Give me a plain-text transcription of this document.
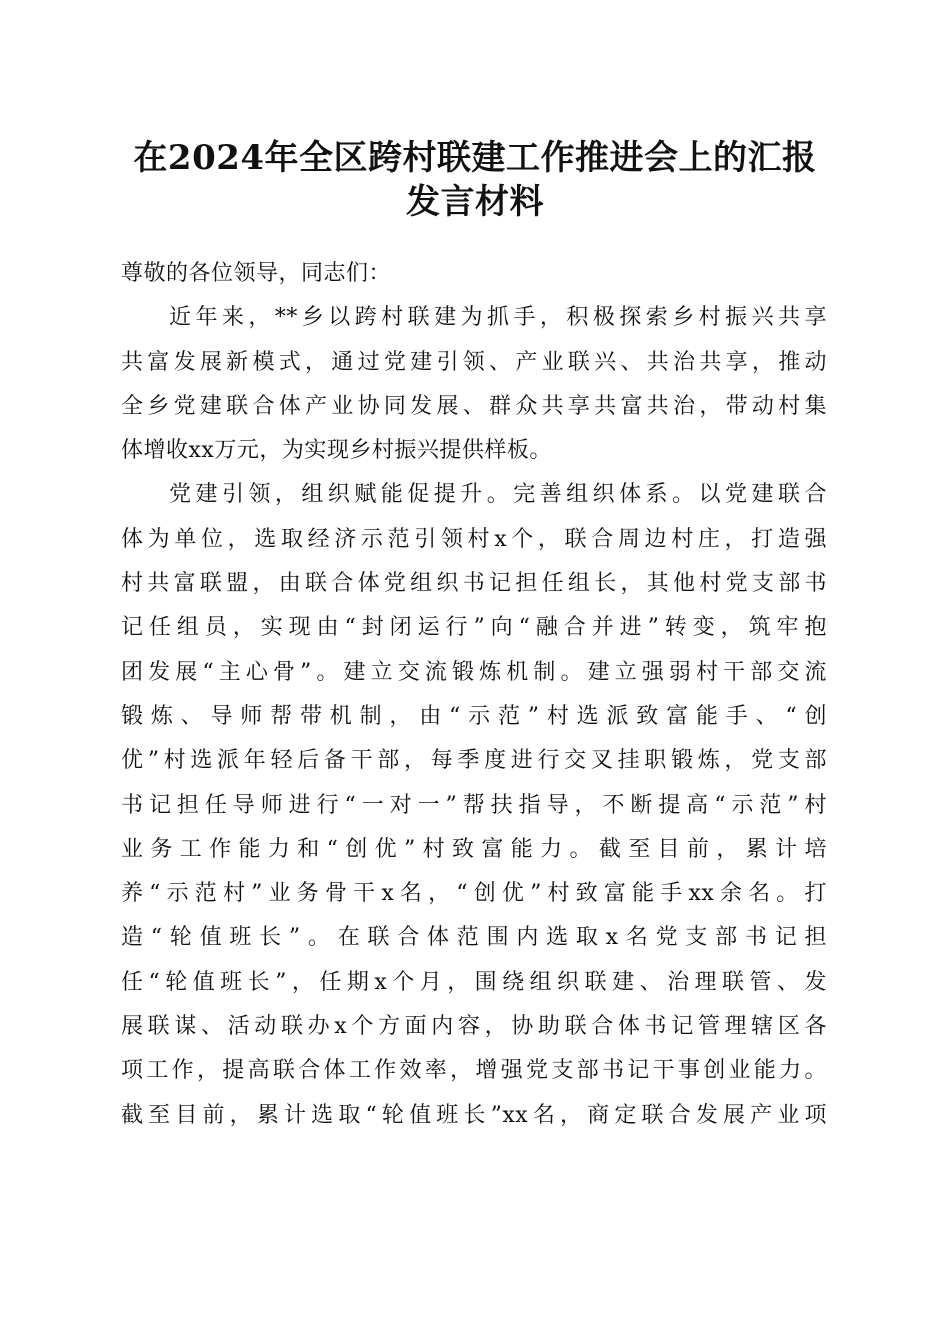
在2024年全区跨村联建工作推进会上的汇报
发言材料
尊敬的各位领导，同志们：
近年来，**乡以跨村联建为抓手，积极探索乡村振兴共享
共富发展新模式，通过党建引领、产业联兴、共治共享，推动
全乡党建联合体产业协同发展、群众共享共富共治，带动村集
体增收xx万元，为实现乡村振兴提供样板。
党建引领，组织赋能促提升。完善组织体系。以党建联合
体为单位，选取经济示范引领村x个，联合周边村庄，打造强
村共富联盟，由联合体党组织书记担任组长，其他村党支部书
记任组员，实现由“封闭运行”向“融合并进”转变，筑牢抱
团发展“主心骨”。建立交流锻炼机制。建立强弱村干部交流
锻炼、导师帮带机制，由“示范”村选派致富能手、“创
优”村选派年轻后备干部，每季度进行交叉挂职锻炼，党支部
书记担任导师进行“一对一”帮扶指导，不断提高“示范”村
业务工作能力和“创优”村致富能力。截至目前，累计培
养“示范村”业务骨干x名，“创优”村致富能手xx余名。打
造“轮值班长”。在联合体范围内选取x名党支部书记担
任“轮值班长”，任期x个月，围绕组织联建、治理联管、发
展联谋、活动联办x个方面内容，协助联合体书记管理辖区各
项工作，提高联合体工作效率，增强党支部书记干事创业能力。
截至目前，累计选取“轮值班长”xx名，商定联合发展产业项
